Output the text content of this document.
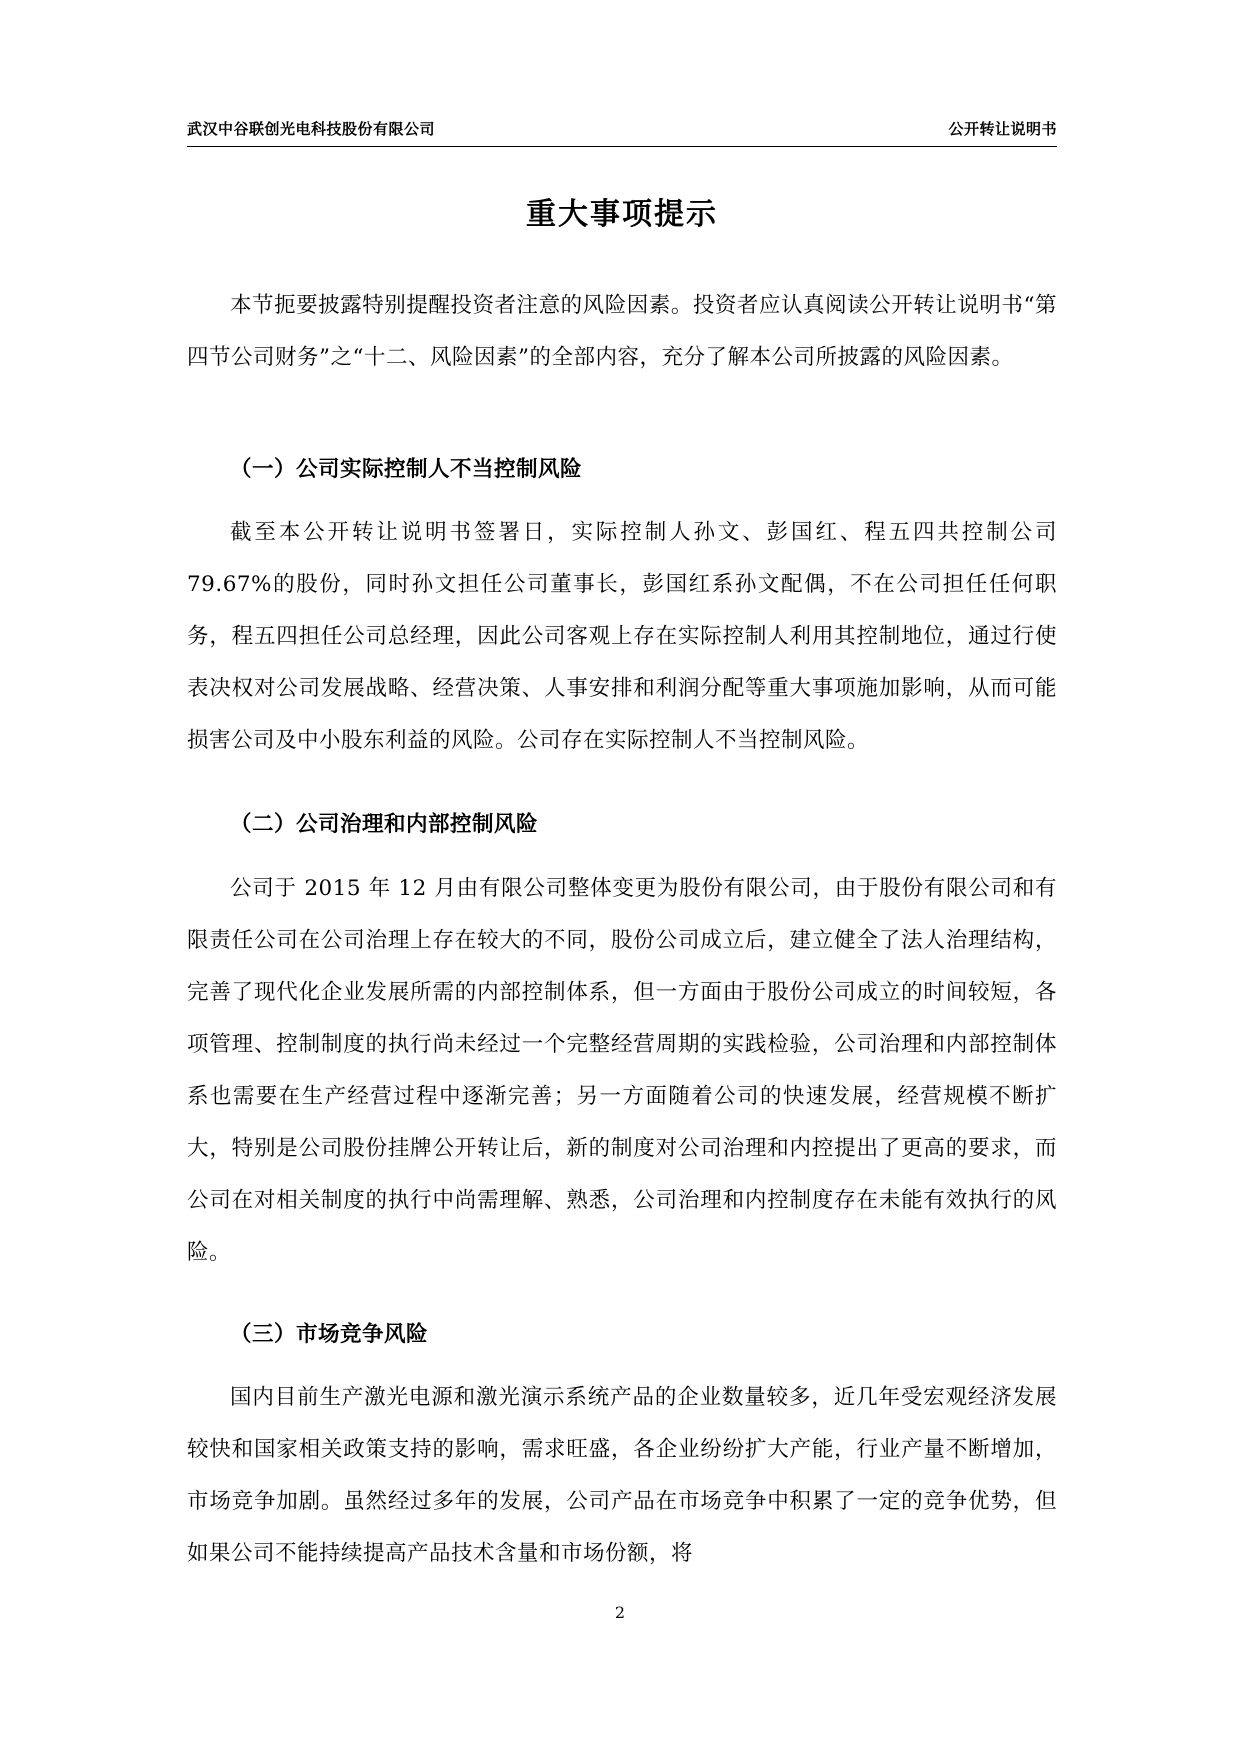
武汉中谷联创光电科技股份有限公司	公开转让说明书
重大事项提示

本节扼要披露特别提醒投资者注意的风险因素。投资者应认真阅读公开转让说明书“第四节公司财务”之“十二、风险因素”的全部内容，充分了解本公司所披露的风险因素。

（一）公司实际控制人不当控制风险

截至本公开转让说明书签署日，实际控制人孙文、彭国红、程五四共控制公司 79.67%的股份，同时孙文担任公司董事长，彭国红系孙文配偶，不在公司担任任何职务，程五四担任公司总经理，因此公司客观上存在实际控制人利用其控制地位，通过行使表决权对公司发展战略、经营决策、人事安排和利润分配等重大事项施加影响，从而可能损害公司及中小股东利益的风险。公司存在实际控制人不当控制风险。

（二）公司治理和内部控制风险

公司于 2015 年 12 月由有限公司整体变更为股份有限公司，由于股份有限公司和有限责任公司在公司治理上存在较大的不同，股份公司成立后，建立健全了法人治理结构，完善了现代化企业发展所需的内部控制体系，但一方面由于股份公司成立的时间较短，各项管理、控制制度的执行尚未经过一个完整经营周期的实践检验，公司治理和内部控制体系也需要在生产经营过程中逐渐完善；另一方面随着公司的快速发展，经营规模不断扩大，特别是公司股份挂牌公开转让后，新的制度对公司治理和内控提出了更高的要求，而公司在对相关制度的执行中尚需理解、熟悉，公司治理和内控制度存在未能有效执行的风险。

（三）市场竞争风险

国内目前生产激光电源和激光演示系统产品的企业数量较多，近几年受宏观经济发展较快和国家相关政策支持的影响，需求旺盛，各企业纷纷扩大产能，行业产量不断增加，市场竞争加剧。虽然经过多年的发展，公司产品在市场竞争中积累了一定的竞争优势，但如果公司不能持续提高产品技术含量和市场份额，将

2
